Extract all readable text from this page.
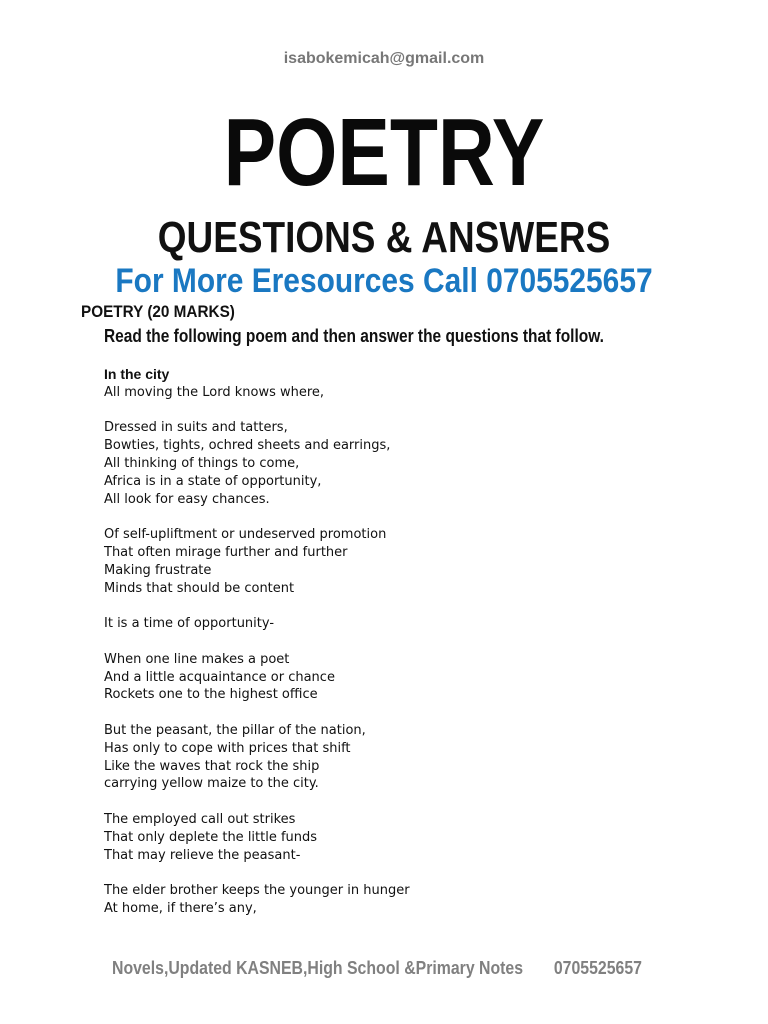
isabokemicah@gmail.com
POETRY
QUESTIONS & ANSWERS
For More Eresources Call 0705525657
POETRY (20 MARKS)
Read the following poem and then answer the questions that follow.
In the city
All moving the Lord knows where,
Dressed in suits and tatters,
Bowties, tights, ochred sheets and earrings,
All thinking of things to come,
Africa is in a state of opportunity,
All look for easy chances.
Of self-upliftment or undeserved promotion
That often mirage further and further
Making frustrate
Minds that should be content
It is a time of opportunity-
When one line makes a poet
And a little acquaintance or chance
Rockets one to the highest office
But the peasant, the pillar of the nation,
Has only to cope with prices that shift
Like the waves that rock the ship
carrying yellow maize to the city.
The employed call out strikes
That only deplete the little funds
That may relieve the peasant-
The elder brother keeps the younger in hunger
At home, if there’s any,
Novels,Updated KASNEB,High School &Primary Notes 0705525657
